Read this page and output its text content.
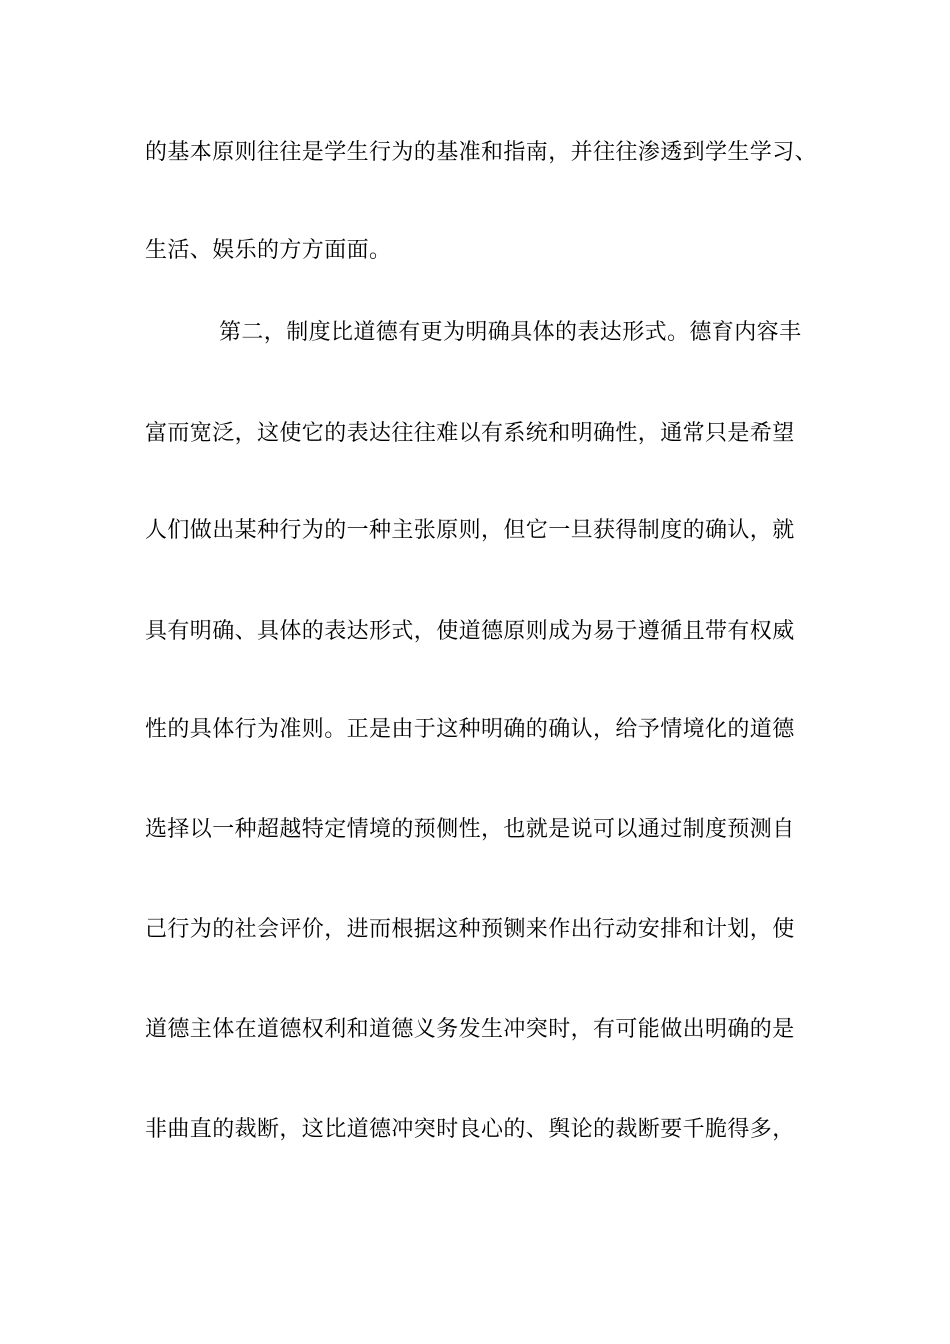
的基本原则往往是学生行为的基准和指南，并往往渗透到学生学习、
生活、娱乐的方方面面。
第二，制度比道德有更为明确具体的表达形式。德育内容丰
富而宽泛，这使它的表达往往难以有系统和明确性，通常只是希望
人们做出某种行为的一种主张原则，但它一旦获得制度的确认，就
具有明确、具体的表达形式，使道德原则成为易于遵循且带有权威
性的具体行为准则。正是由于这种明确的确认，给予情境化的道德
选择以一种超越特定情境的预侧性，也就是说可以通过制度预测自
己行为的社会评价，进而根据这种预铡来作出行动安排和计划，使
道德主体在道德权利和道德义务发生冲突时，有可能做出明确的是
非曲直的裁断，这比道德冲突时良心的、舆论的裁断要千脆得多，
